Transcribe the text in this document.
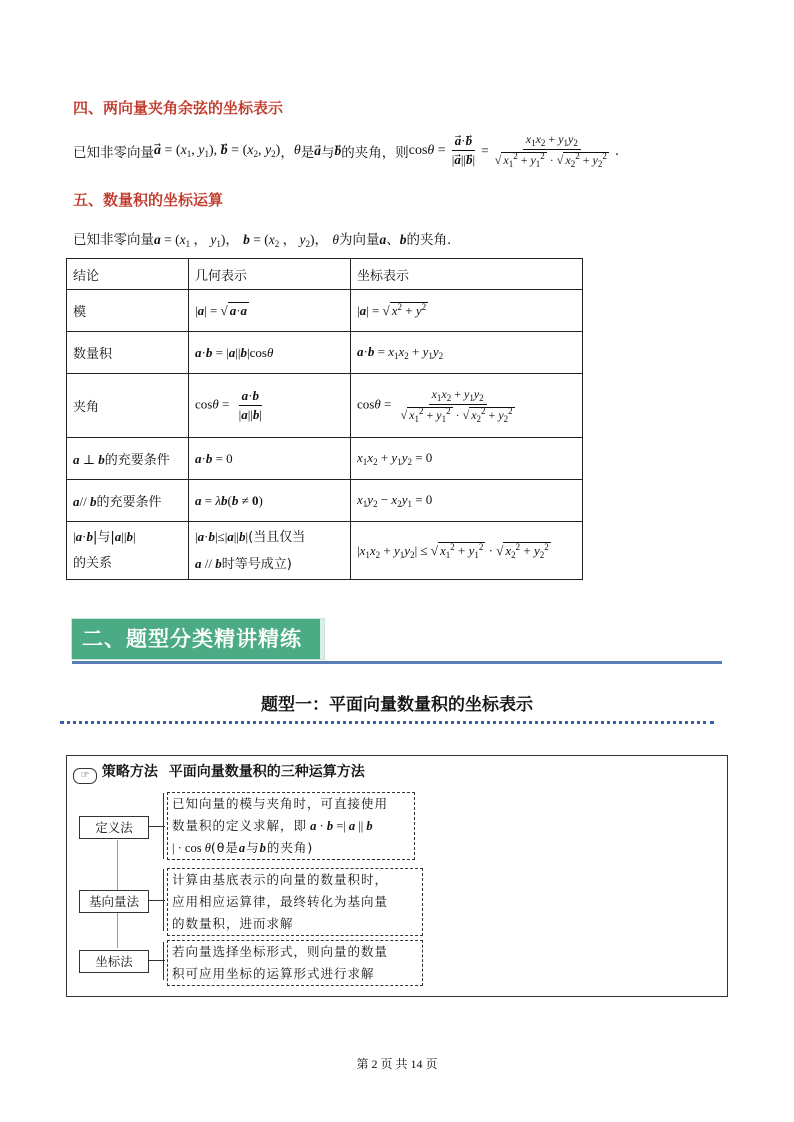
四、两向量夹角余弦的坐标表示
已知非零向量 a⃗ = ($x_1$, $y_1$), b⃗ = ($x_2$, $y_2$) ， θ 是 a 与 b 的夹角，则 $\cos\theta = \frac{a⃗\cdot b}{|a⃗||b⃗|} = \frac{x_1x_2 + y_1y_2}{√ x_1^2 + y_1^2 \cdot √ x_2^2 + y_2^2}$ .
五、数量积的坐标运算
已知非零向量$a = (x_1$ ， $y_1$)， $b = (x_2$ ， $y_2$)， θ为向量a、b的夹角.
结论	几何表示	坐标表示
模	|a| = √ a·a	|a| = √ $x^2 + y^2$
数量积	a·b = |a||b|cosθ	$a\cdot b = x_1x_2 + y_1y_2$
夹角	$\cos\theta = \frac{a\cdot b}{|a||b|}$	$\cos\theta = \frac{x_1x_2 + y_1y_2}{√ x_1^2 + y_1^2 \cdot √ x_2^2 + y_2^2}$

a ⊥ b的充要条件	a·b = 0	$x_1x_2 + y_1y_2 = 0$
a// b的充要条件	a = λb(b ≠ 0)	$x_1y_2 - x_2y_1 = 0$
|a·b|与|a||b|
的关系	|a·b|≤|a||b|(当且仅当
a // b时等号成立)	$|x_1x_2 + y_1y_2|$ ≤ √ $x_1^2 + y_1^2$ · √ $x_2^2 + y_2^2$
二、题型分类精讲精练
题型一：平面向量数量积的坐标表示
☞ 策略方法 平面向量数量积的三种运算方法
定义法
基向量法
坐标法
已知向量的模与夹角时，可直接使用
数量积的定义求解，即 a · b =| a || b
| · cos θ(θ是a与b的夹角)
计算由基底表示的向量的数量积时，
应用相应运算律，最终转化为基向量
的数量积，进而求解
若向量选择坐标形式，则向量的数量
积可应用坐标的运算形式进行求解
第 2 页 共 14 页
